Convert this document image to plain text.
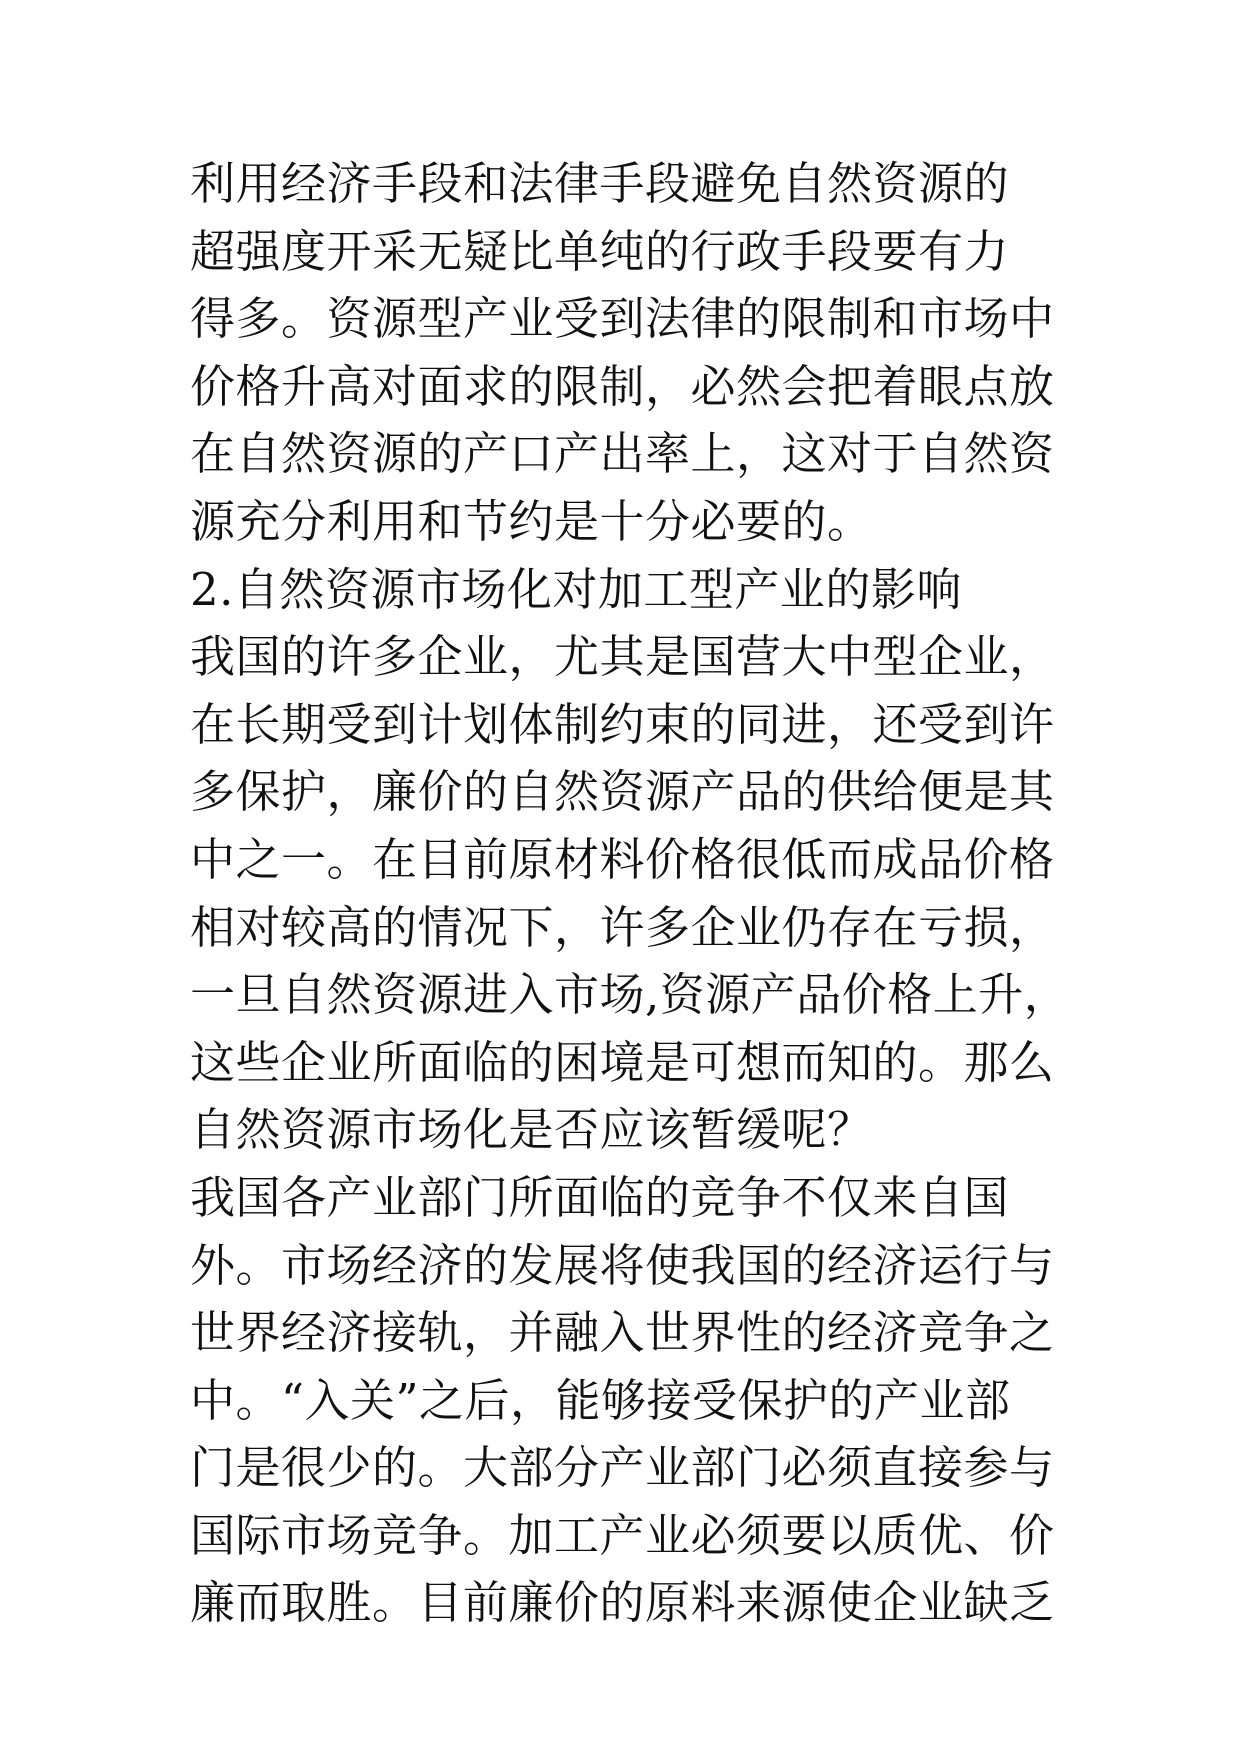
利用经济手段和法律手段避免自然资源的
超强度开采无疑比单纯的行政手段要有力
得多。资源型产业受到法律的限制和市场中
价格升高对面求的限制，必然会把着眼点放
在自然资源的产口产出率上，这对于自然资
源充分利用和节约是十分必要的。
2.自然资源市场化对加工型产业的影响
我国的许多企业，尤其是国营大中型企业，
在长期受到计划体制约束的同进，还受到许
多保护，廉价的自然资源产品的供给便是其
中之一。在目前原材料价格很低而成品价格
相对较高的情况下，许多企业仍存在亏损，
一旦自然资源进入市场,资源产品价格上升，
这些企业所面临的困境是可想而知的。那么
自然资源市场化是否应该暂缓呢？
我国各产业部门所面临的竞争不仅来自国
外。市场经济的发展将使我国的经济运行与
世界经济接轨，并融入世界性的经济竞争之
中。“入关”之后，能够接受保护的产业部
门是很少的。大部分产业部门必须直接参与
国际市场竞争。加工产业必须要以质优、价
廉而取胜。目前廉价的原料来源使企业缺乏
